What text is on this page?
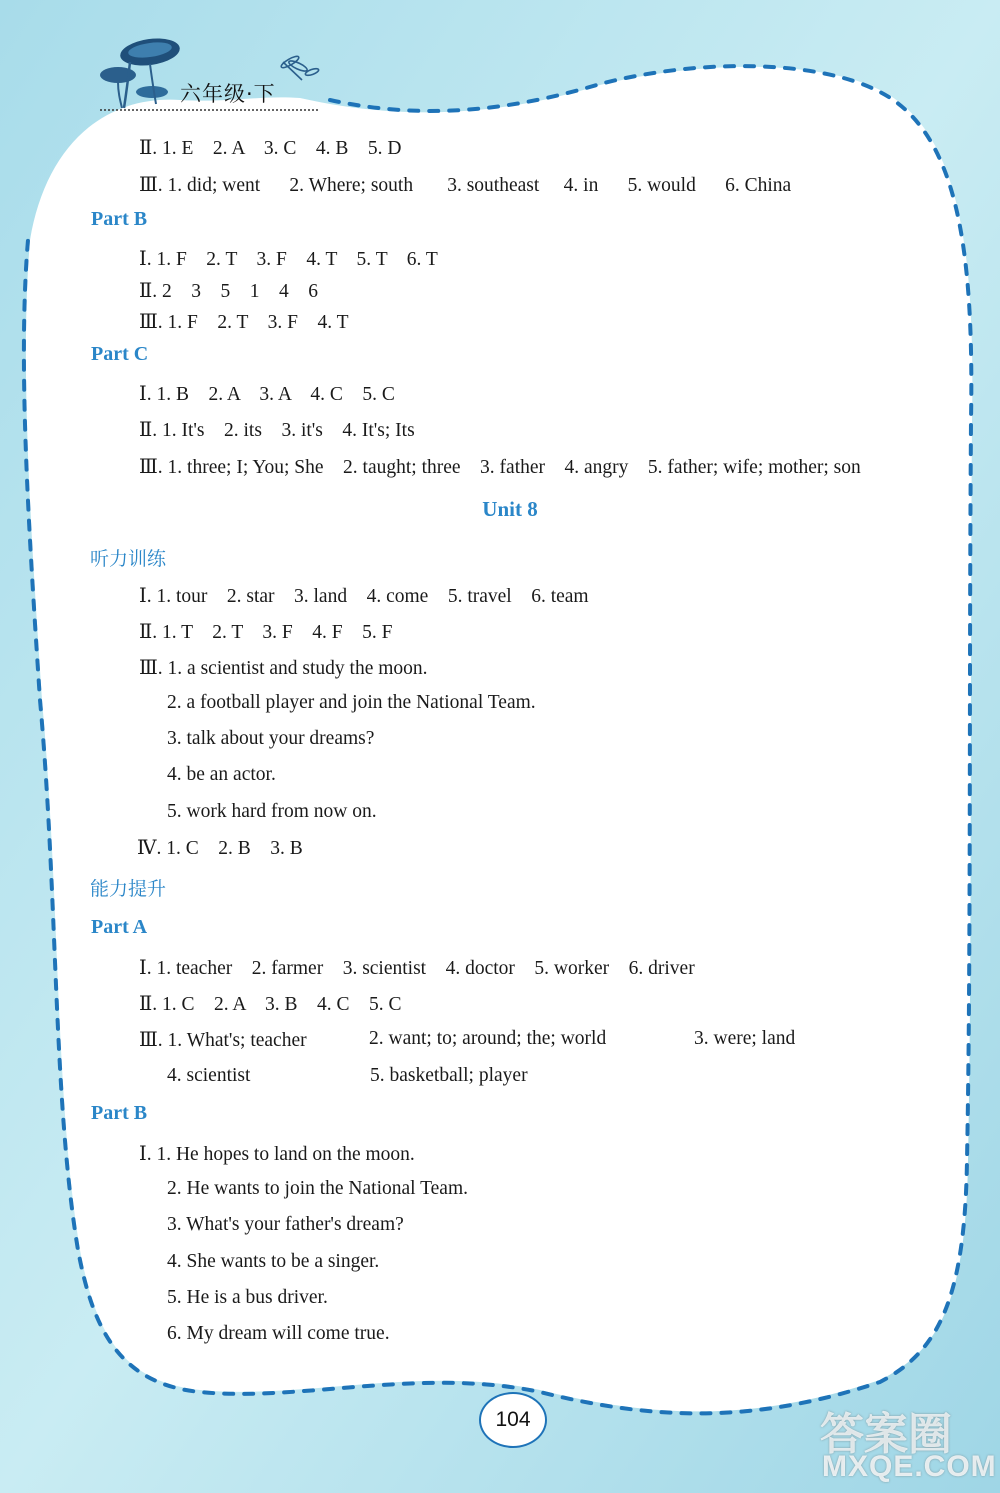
六年级·下
Ⅱ. 1. E    2. A    3. C    4. B    5. D
Ⅲ. 1. did; went      2. Where; south       3. southeast     4. in      5. would      6. China
Part B
Ⅰ. 1. F    2. T    3. F    4. T    5. T    6. T
Ⅱ. 2    3    5    1    4    6
Ⅲ. 1. F    2. T    3. F    4. T
Part C
Ⅰ. 1. B    2. A    3. A    4. C    5. C
Ⅱ. 1. It's    2. its    3. it's    4. It's; Its
Ⅲ. 1. three; I; You; She    2. taught; three    3. father    4. angry    5. father; wife; mother; son
Unit 8
听力训练
Ⅰ. 1. tour    2. star    3. land    4. come    5. travel    6. team
Ⅱ. 1. T    2. T    3. F    4. F    5. F
Ⅲ. 1. a scientist and study the moon.
2. a football player and join the National Team.
3. talk about your dreams?
4. be an actor.
5. work hard from now on.
Ⅳ. 1. C    2. B    3. B
能力提升
Part A
Ⅰ. 1. teacher    2. farmer    3. scientist    4. doctor    5. worker    6. driver
Ⅱ. 1. C    2. A    3. B    4. C    5. C
Ⅲ. 1. What's; teacher	2. want; to; around; the; world	3. were; land
4. scientist	5. basketball; player
Part B
Ⅰ. 1. He hopes to land on the moon.
2. He wants to join the National Team.
3. What's your father's dream?
4. She wants to be a singer.
5. He is a bus driver.
6. My dream will come true.
104	答案圈
MXQE.COM
